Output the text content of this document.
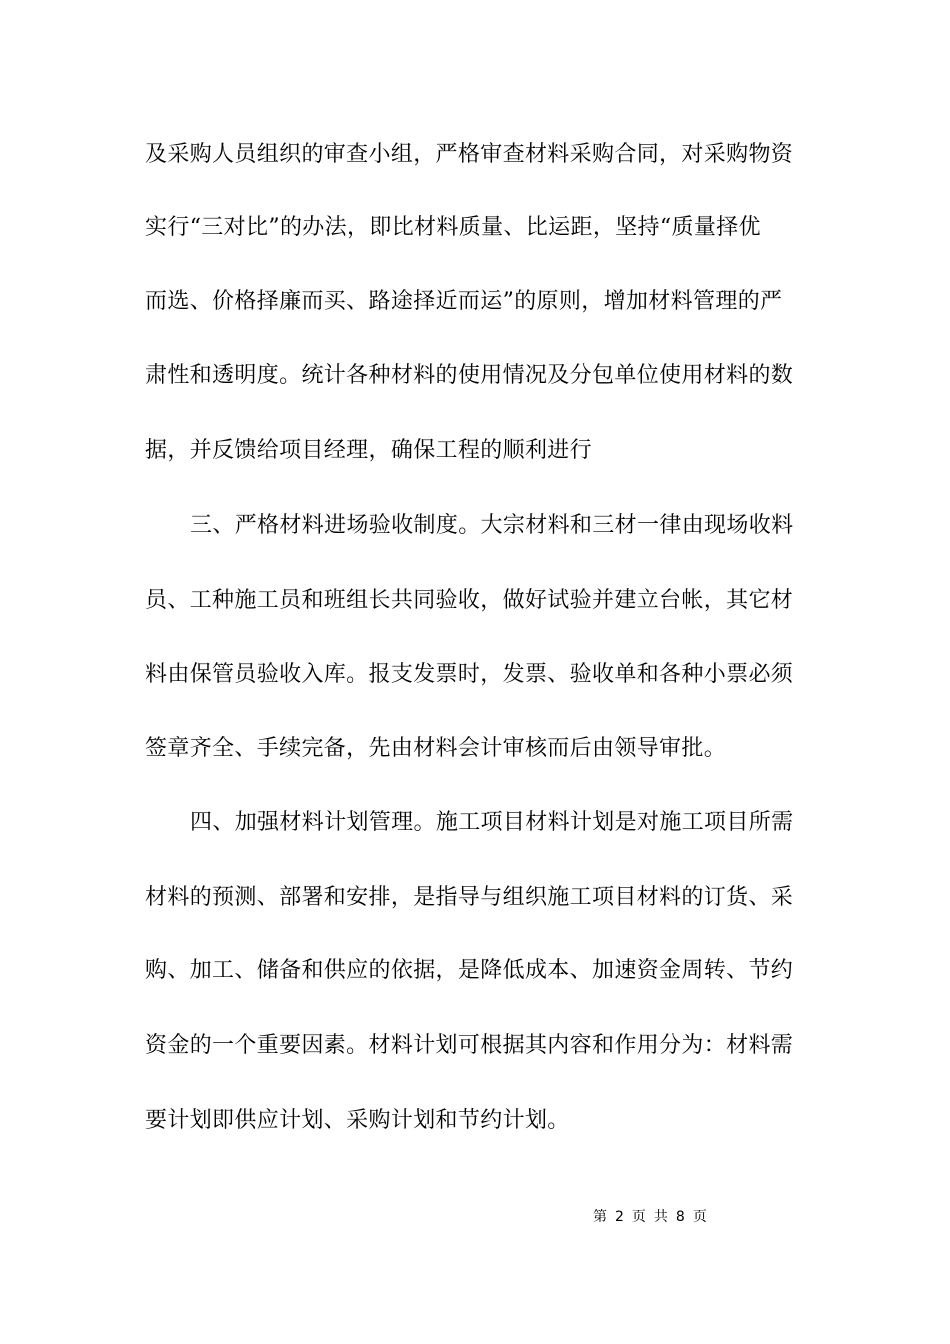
及采购人员组织的审查小组，严格审查材料采购合同，对采购物资
实行“三对比”的办法，即比材料质量、比运距，坚持“质量择优
而选、价格择廉而买、路途择近而运”的原则，增加材料管理的严
肃性和透明度。统计各种材料的使用情况及分包单位使用材料的数
据，并反馈给项目经理，确保工程的顺利进行
三、严格材料进场验收制度。大宗材料和三材一律由现场收料
员、工种施工员和班组长共同验收，做好试验并建立台帐，其它材
料由保管员验收入库。报支发票时，发票、验收单和各种小票必须
签章齐全、手续完备，先由材料会计审核而后由领导审批。
四、加强材料计划管理。施工项目材料计划是对施工项目所需
材料的预测、部署和安排，是指导与组织施工项目材料的订货、采
购、加工、储备和供应的依据，是降低成本、加速资金周转、节约
资金的一个重要因素。材料计划可根据其内容和作用分为：材料需
要计划即供应计划、采购计划和节约计划。
第 2 页 共 8 页
